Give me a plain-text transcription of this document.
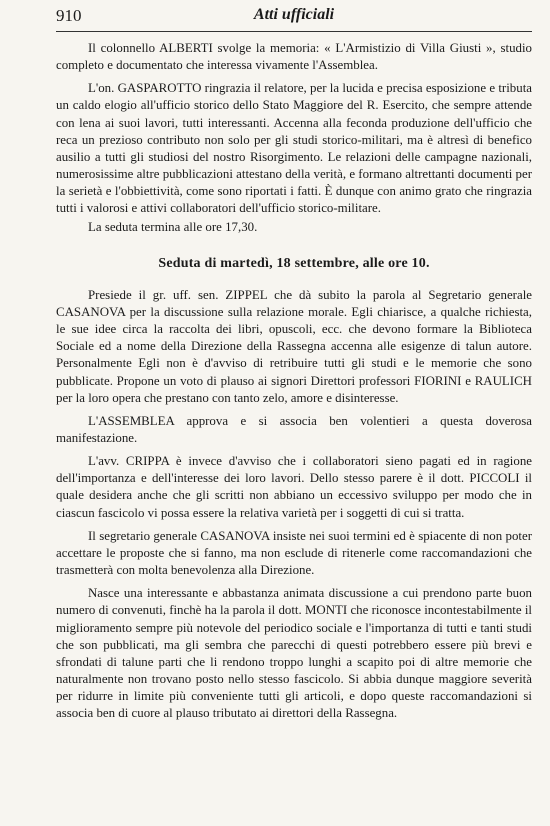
910	Atti ufficiali

Il colonnello ALBERTI svolge la memoria: « L'Armistizio di Villa Giusti », studio completo e documentato che interessa vivamente l'Assemblea.

L'on. GASPAROTTO ringrazia il relatore, per la lucida e precisa esposizione e tributa un caldo elogio all'ufficio storico dello Stato Maggiore del R. Esercito, che sempre attende con lena ai suoi lavori, tutti interessanti. Accenna alla feconda produzione dell'ufficio che reca un prezioso contributo non solo per gli studi storico-militari, ma è altresì di benefico ausilio a tutti gli studiosi del nostro Risorgimento. Le relazioni delle campagne nazionali, numerosissime altre pubblicazioni attestano della verità, e formano altrettanti documenti per la serietà e l'obbiettività, come sono riportati i fatti. È dunque con animo grato che ringrazia tutti i valorosi e attivi collaboratori dell'ufficio storico-militare.

La seduta termina alle ore 17,30.

Seduta di martedì, 18 settembre, alle ore 10.

Presiede il gr. uff. sen. ZIPPEL che dà subito la parola al Segretario generale CASANOVA per la discussione sulla relazione morale. Egli chiarisce, a qualche richiesta, le sue idee circa la raccolta dei libri, opuscoli, ecc. che devono formare la Biblioteca Sociale ed a nome della Direzione della Rassegna accenna alle esigenze di talun autore. Personalmente Egli non è d'avviso di retribuire tutti gli studi e le memorie che sono pubblicate. Propone un voto di plauso ai signori Direttori professori FIORINI e RAULICH per la loro opera che prestano con tanto zelo, amore e disinteresse.

L'ASSEMBLEA approva e si associa ben volentieri a questa doverosa manifestazione.

L'avv. CRIPPA è invece d'avviso che i collaboratori sieno pagati ed in ragione dell'importanza e dell'interesse dei loro lavori. Dello stesso parere è il dott. PICCOLI il quale desidera anche che gli scritti non abbiano un eccessivo sviluppo per modo che in ciascun fascicolo vi possa essere la relativa varietà per i soggetti di cui si tratta.

Il segretario generale CASANOVA insiste nei suoi termini ed è spiacente di non poter accettare le proposte che si fanno, ma non esclude di ritenerle come raccomandazioni che trasmetterà con molta benevolenza alla Direzione.

Nasce una interessante e abbastanza animata discussione a cui prendono parte buon numero di convenuti, finchè ha la parola il dott. MONTI che riconosce incontestabilmente il miglioramento sempre più notevole del periodico sociale e l'importanza di tutti e tanti studi che son pubblicati, ma gli sembra che parecchi di questi potrebbero essere più brevi e sfrondati di talune parti che li rendono troppo lunghi a scapito poi di altre memorie che naturalmente non trovano posto nello stesso fascicolo. Si abbia dunque maggiore severità per ridurre in limite più conveniente tutti gli articoli, e dopo queste raccomandazioni si associa ben di cuore al plauso tributato ai direttori della Rassegna.
